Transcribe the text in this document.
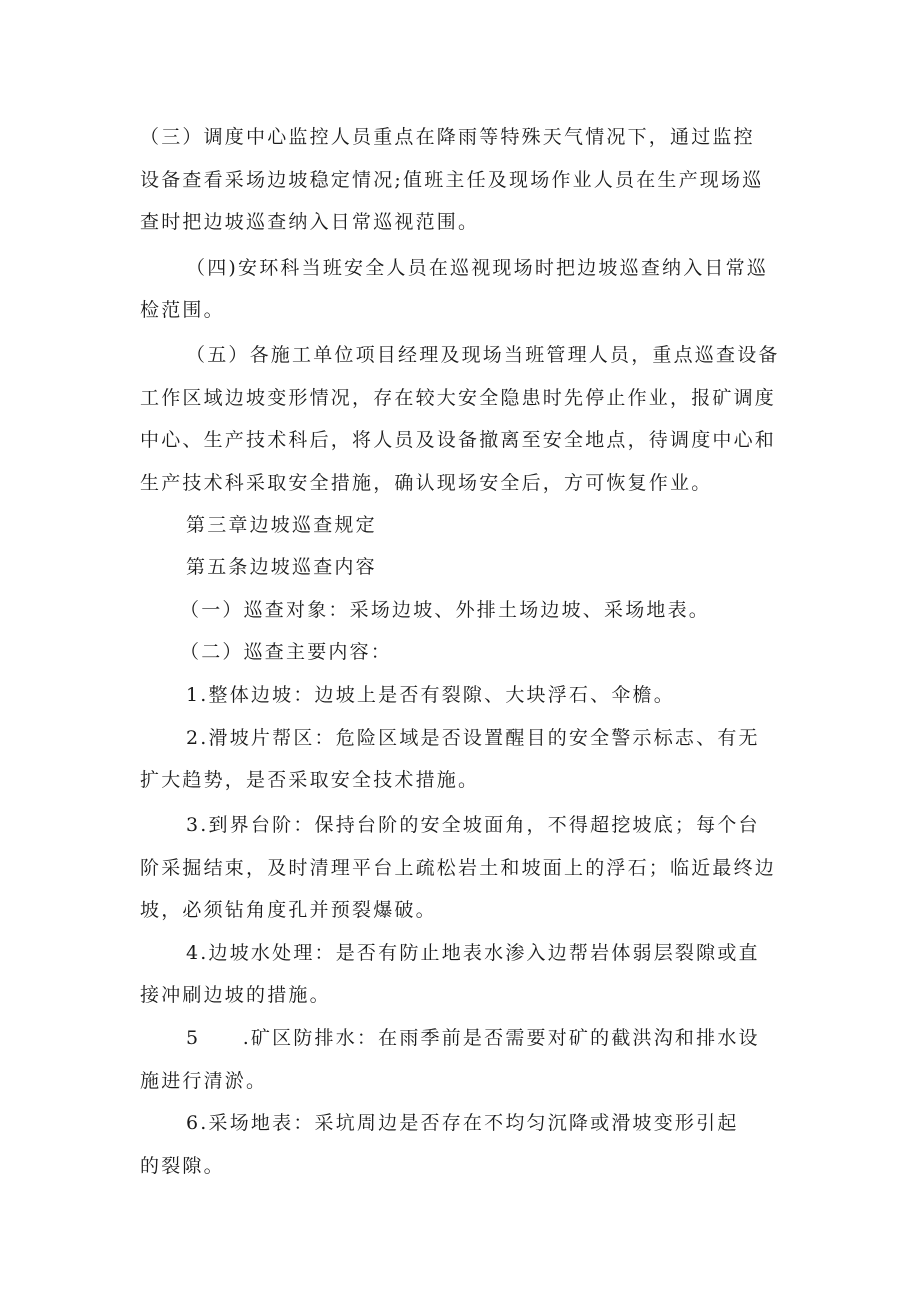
（三）调度中心监控人员重点在降雨等特殊天气情况下，通过监控
设备查看采场边坡稳定情况;值班主任及现场作业人员在生产现场巡
查时把边坡巡查纳入日常巡视范围。
（四)安环科当班安全人员在巡视现场时把边坡巡查纳入日常巡
检范围。
（五）各施工单位项目经理及现场当班管理人员，重点巡查设备
工作区域边坡变形情况，存在较大安全隐患时先停止作业，报矿调度
中心、生产技术科后，将人员及设备撤离至安全地点，待调度中心和
生产技术科采取安全措施，确认现场安全后，方可恢复作业。
第三章边坡巡查规定
第五条边坡巡查内容
（一）巡查对象：采场边坡、外排土场边坡、采场地表。
（二）巡查主要内容：
1.整体边坡：边坡上是否有裂隙、大块浮石、伞檐。
2.滑坡片帮区：危险区域是否设置醒目的安全警示标志、有无
扩大趋势，是否采取安全技术措施。
3.到界台阶：保持台阶的安全坡面角，不得超挖坡底；每个台
阶采掘结束，及时清理平台上疏松岩土和坡面上的浮石；临近最终边
坡，必须钻角度孔并预裂爆破。
4.边坡水处理：是否有防止地表水渗入边帮岩体弱层裂隙或直
接冲刷边坡的措施。
5　　.矿区防排水：在雨季前是否需要对矿的截洪沟和排水设
施进行清淤。
6.采场地表：采坑周边是否存在不均匀沉降或滑坡变形引起
的裂隙。
